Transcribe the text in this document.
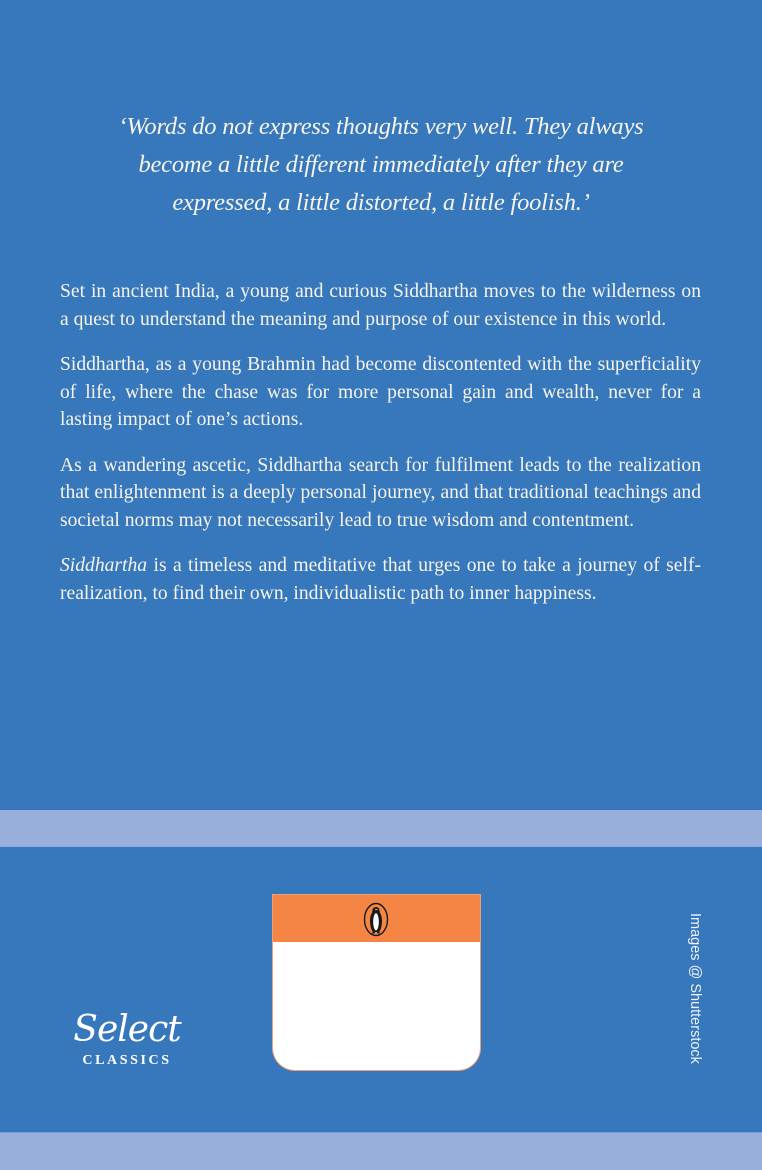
‘Words do not express thoughts very well. They always
become a little different immediately after they are
expressed, a little distorted, a little foolish.’

Set in ancient India, a young and curious Siddhartha moves to the wilderness on a quest to understand the meaning and purpose of our existence in this world.

Siddhartha, as a young Brahmin had become discontented with the superficiality of life, where the chase was for more personal gain and wealth, never for a lasting impact of one’s actions.

As a wandering ascetic, Siddhartha search for fulfilment leads to the realization that enlightenment is a deeply personal journey, and that traditional teachings and societal norms may not necessarily lead to true wisdom and contentment.

Siddhartha is a timeless and meditative that urges one to take a journey of self-realization, to find their own, individualistic path to inner happiness.

Select
CLASSICS	Images @ Shutterstock
